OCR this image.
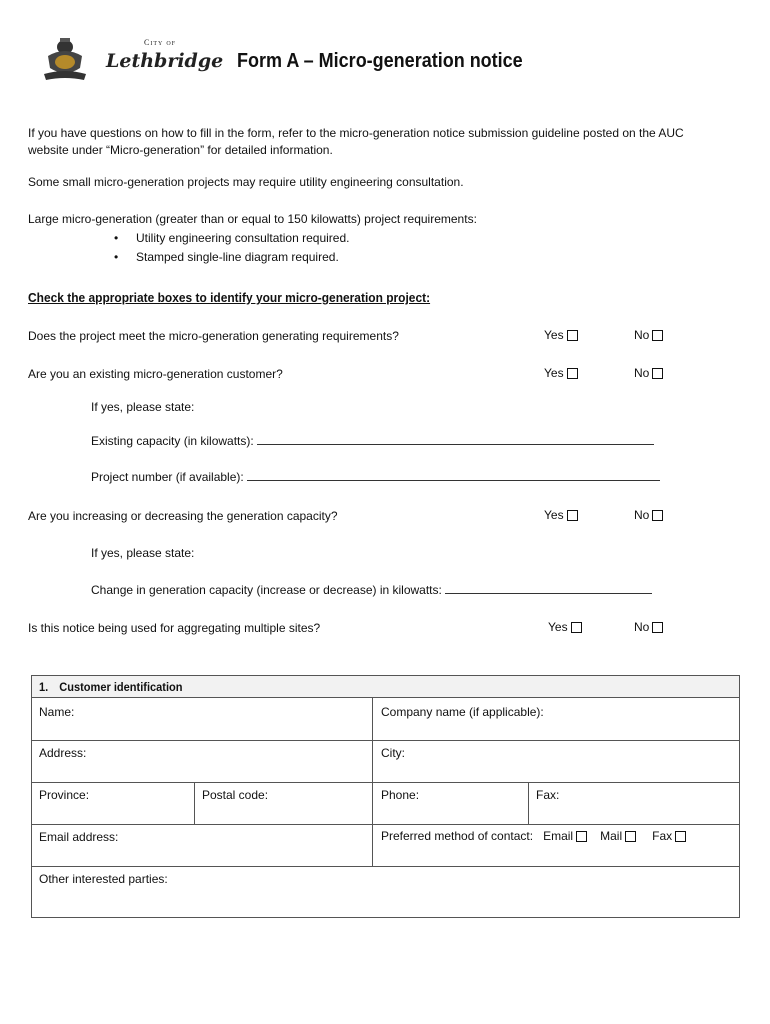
City of
Lethbridge Form A – Micro-generation notice
If you have questions on how to fill in the form, refer to the micro-generation notice submission guideline posted on the AUC
website under “Micro-generation” for detailed information.
Some small micro-generation projects may require utility engineering consultation.
Large micro-generation (greater than or equal to 150 kilowatts) project requirements:
• Utility engineering consultation required.
• Stamped single-line diagram required.
Check the appropriate boxes to identify your micro-generation project:
Does the project meet the micro-generation generating requirements?	Yes	No
Are you an existing micro-generation customer?	Yes	No
If yes, please state:
Existing capacity (in kilowatts):
Project number (if available):
Are you increasing or decreasing the generation capacity?	Yes	No
If yes, please state:
Change in generation capacity (increase or decrease) in kilowatts:
Is this notice being used for aggregating multiple sites?	Yes	No
1.  Customer identification
Name:	Company name (if applicable):
Address:	City:
Province:	Postal code:	Phone:	Fax:
Email address:	Preferred method of contact: Email Mail	Fax
Other interested parties:
